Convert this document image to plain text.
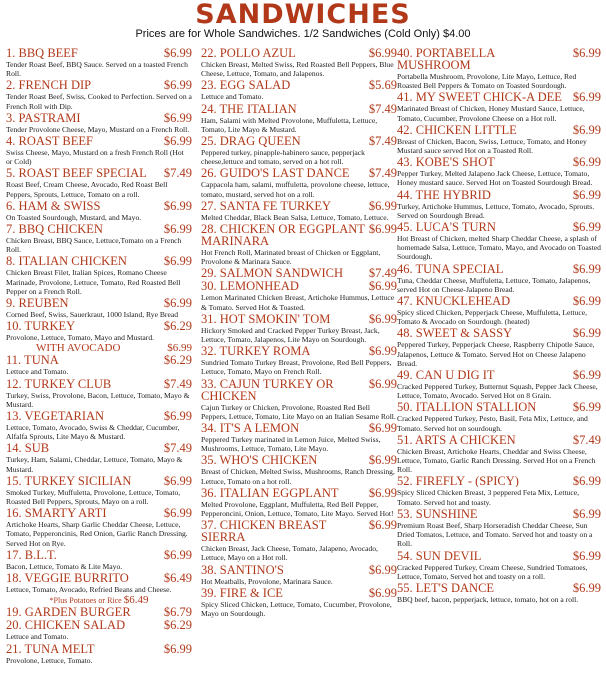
SANDWICHES
Prices are for Whole Sandwiches. 1/2 Sandwiches (Cold Only) $4.00
1. BBQ BEEF	$6.99
Tender Roast Beef, BBQ Sauce. Served on a toasted French Roll.
2. FRENCH DIP	$6.99
Tender Roast Beef, Swiss, Cooked to Perfection. Served on a French Roll with Dip.
3. PASTRAMI	$6.99
Tender Provolone Cheese, Mayo, Mustard on a French Roll.
4. ROAST BEEF	$6.99
Swiss Cheese, Mayo, Mustard on a fresh French Roll (Hot or Cold)
5. ROAST BEEF SPECIAL	$7.49
Roast Beef, Cream Cheese, Avocado, Red Roast Bell Peppers, Sprouts, Lettuce, Tomato on a roll.
6. HAM & SWISS	$6.99
On Toasted Sourdough, Mustard, and Mayo.
7. BBQ CHICKEN	$6.99
Chicken Breast, BBQ Sauce, Lettuce,Tomato on a French Roll.
8. ITALIAN CHICKEN	$6.99
Chicken Breast Filet, Italian Spices, Romano Cheese Marinade, Provolone, Lettuce, Tomato, Red Roasted Bell Pepper on a French Roll.
9. REUBEN	$6.99
Corned Beef, Swiss, Sauerkraut, 1000 Island, Rye Bread
10. TURKEY	$6.29
Provolone, Lettuce, Tomato, Mayo and Mustard.
WITH AVOCADO	$6.99
11. TUNA	$6.29
Lettuce and Tomato.
12. TURKEY CLUB	$7.49
Turkey, Swiss, Provolone, Bacon, Lettuce, Tomato, Mayo & Mustard.
13. VEGETARIAN	$6.99
Lettuce, Tomato, Avocado, Swiss & Cheddar, Cucumber, Alfalfa Sprouts, Lite Mayo & Mustard.
14. SUB	$7.49
Turkey, Ham, Salami, Cheddar, Lettuce, Tomato, Mayo & Mustard.
15. TURKEY SICILIAN	$6.99
Smoked Turkey, Muffuletta, Provolone, Lettuce, Tomato, Roasted Bell Peppers, Sprouts, Mayo on a roll.
16. SMARTY ARTI	$6.99
Artichoke Hearts, Sharp Garlic Cheddar Cheese, Lettuce, Tomato, Pepperoncinis, Red Onion, Garlic Ranch Dressing. Served Hot on Rye.
17. B.L.T.	$6.99
Bacon, Lettuce, Tomato & Lite Mayo.
18. VEGGIE BURRITO	$6.49
Lettuce, Tomato, Avocado, Refried Beans and Cheese.
*Plus Potatoes or Rice $6.49
19. GARDEN BURGER	$6.79
20. CHICKEN SALAD	$6.29
Lettuce and Tomato.
21. TUNA MELT	$6.99
Provolone, Lettuce, Tomato.
22. POLLO AZUL	$6.99
Chicken Breast, Melted Swiss, Red Roasted Bell Peppers, Blue Cheese, Lettuce, Tomato, and Jalapenos.
23. EGG SALAD	$5.69
Lettuce and Tomato.
24. THE ITALIAN	$7.49
Ham, Salami with Melted Provolone, Muffuletta, Lettuce, Tomato, Lite Mayo & Mustard.
25. DRAG QUEEN	$7.49
Peppered turkey, pinapple-habinero sauce, pepperjack cheese,lettuce and tomato, served on a hot roll.
26. GUIDO'S LAST DANCE	$7.49
Cappacola ham, salami, muffuletta, provolone cheese, lettuce, tomato, mustard, served hot on a roll.
27. SANTA FE TURKEY	$6.99
Melted Cheddar, Black Bean Salsa, Lettuce, Tomato, Lettuce.
28. CHICKEN OR EGGPLANT MARINARA
$6.99
Hot French Roll, Marinated breast of Chicken or Eggplant, Provolone & Marinara Sauce.
29. SALMON SANDWICH	$7.49
30. LEMONHEAD	$6.99
Lemon Marinated Chicken Breast, Artichoke Hummus, Lettuce & Tomato. Served Hot & Toasted.
31. HOT SMOKIN' TOM	$6.99
Hickory Smoked and Cracked Pepper Turkey Breast, Jack, Lettuce, Tomato, Jalapenos, Lite Mayo on Sourdough.
32. TURKEY ROMA	$6.99
Sundried Tomato Turkey Breast, Provolone, Red Bell Peppers, Lettuce, Tomato, Mayo on French Roll.
33. CAJUN TURKEY OR CHICKEN
$6.99
Cajun Turkey or Chicken, Provolone, Roasted Red Bell Peppers, Lettuce, Tomato, Lite Mayo on an Italian Sesame Roll.
34. IT'S A LEMON	$6.99
Peppered Turkey marinated in Lemon Juice, Melted Swiss, Mushrooms, Lettuce, Tomato, Lite Mayo.
35. WHO'S CHICKEN	$6.99
Breast of Chicken, Melted Swiss, Mushrooms, Ranch Dressing, Lettuce, Tomato on a hot roll.
36. ITALIAN EGGPLANT	$6.99
Melted Provolone, Eggplant, Muffuletta, Red Bell Pepper, Pepperoncini, Onion, Lettuce, Tomato, Lite Mayo. Served Hot!
37. CHICKEN BREAST SIERRA
$6.99
Chicken Breast, Jack Cheese, Tomato, Jalapeno, Avocado, Lettuce, Mayo on a Hot roll.
38. SANTINO'S	$6.99
Hot Meatballs, Provolone, Marinara Sauce.
39. FIRE & ICE	$6.99
Spicy Sliced Chicken, Lettuce, Tomato, Cucumber, Provolone, Mayo on Sourdough.
40. PORTABELLA MUSHROOM
$6.99
Portabella Mushroom, Provolone, Lite Mayo, Lettuce, Red Roasted Bell Peppers & Tomato on Toasted Sourdough.
41. MY SWEET CHICK-A DEE $6.99
Marinated Breast of Chicken, Honey Mustard Sauce, Lettuce, Tomato, Cucumber, Provolone Cheese on a Hot roll.
42. CHICKEN LITTLE	$6.99
Breast of Chicken, Bacon, Swiss, Lettuce, Tomato, and Honey Mustard sauce served Hot on a Toasted Roll.
43. KOBE'S SHOT	$6.99
Pepper Turkey, Melted Jalapeno Jack Cheese, Lettuce, Tomato, Honey mustard sauce. Served Hot on Toasted Sourdough Bread.
44. THE HYBRID	$6.99
Turkey, Artichoke Hummus, Lettuce, Tomato, Avocado, Sprouts. Served on Sourdough Bread.
45. LUCA'S TURN	$6.99
Hot Breast of Chicken, melted Sharp Cheddar Cheese, a splash of homemade Salsa, Lettuce, Tomato, Mayo, and Avocado on Toasted Sourdough.
46. TUNA SPECIAL	$6.99
Tuna, Cheddar Cheese, Muffuletta, Lettuce, Tomato, Jalapenos, served Hot on Cheese-Jalapeno Bread.
47. KNUCKLEHEAD	$6.99
Spicy sliced Chicken, Pepperjack Cheese, Muffuletta, Lettuce, Tomato & Avocado on Sourdough. (heated)
48. SWEET & SASSY	$6.99
Peppered Turkey, Pepperjack Cheese, Raspberry Chipotle Sauce, Jalapenos, Lettuce & Tomato. Served Hot on Cheese Jalapeno Bread.
49. CAN U DIG IT	$6.99
Cracked Peppered Turkey, Butternut Squash, Pepper Jack Cheese, Lettuce, Tomato, Avocado. Served Hot on 8 Grain.
50. ITALLION STALLION	$6.99
Cracked Peppered Turkey, Pesto, Basil, Feta Mix, Lettuce, and Tomato. Served hot on sourdough.
51. ARTS A CHICKEN	$7.49
Chicken Breast, Artichoke Hearts, Cheddar and Swiss Cheese, Lettuce, Tomato, Garlic Ranch Dressing. Served Hot on a French Roll.
52. FIREFLY - (SPICY)	$6.99
Spicy Sliced Chicken Breast, 3 peppered Feta Mix, Lettuce, Tomato. Served hot and toasty.
53. SUNSHINE	$6.99
Premium Roast Beef, Sharp Horseradish Cheddar Cheese, Sun Dried Tomatos, Lettuce, and Tomato. Served hot and toasty on a Roll.
54. SUN DEVIL	$6.99
Cracked Peppered Turkey, Cream Cheese, Sundried Tomatoes, Lettuce, Tomato, Served hot and toasty on a roll.
55. LET'S DANCE	$6.99
BBQ beef, bacon, pepperjack, lettuce, tomato, hot on a roll.
